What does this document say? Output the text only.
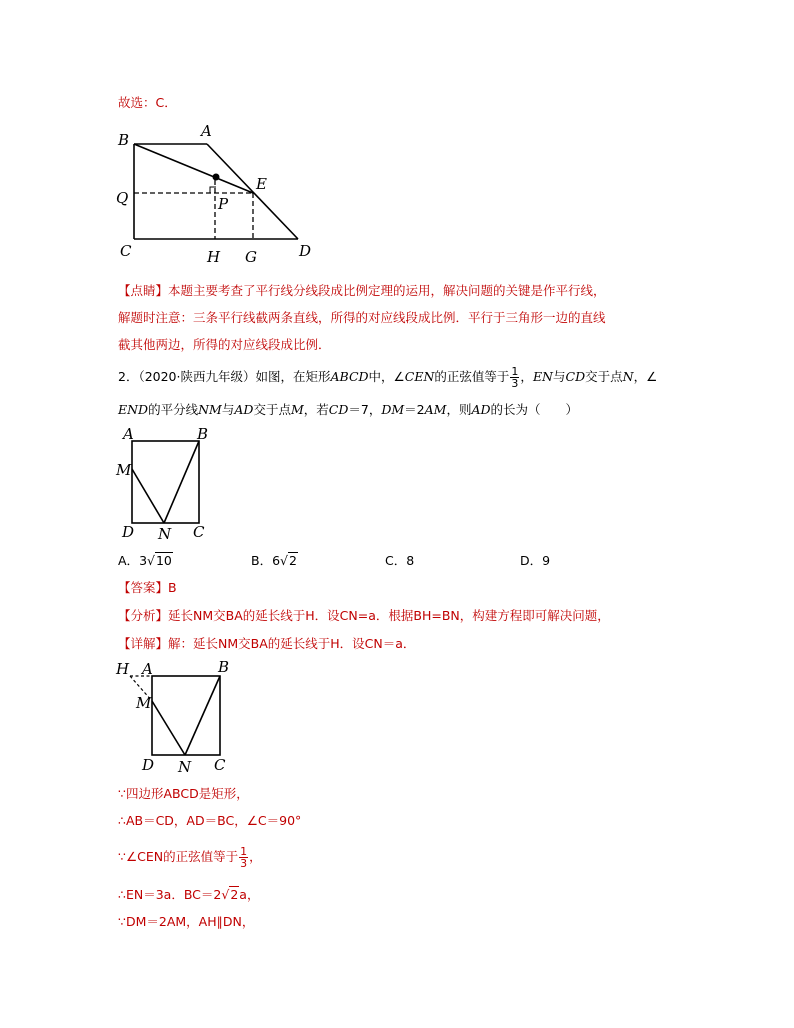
故选：C．
B	A
Q	P
E
C	H G	D
【点睛】本题主要考查了平行线分线段成比例定理的运用，解决问题的关键是作平行线，
解题时注意：三条平行线截两条直线，所得的对应线段成比例．平行于三角形一边的直线
截其他两边，所得的对应线段成比例．
2．（2020·陕西九年级）如图，在矩形ABCD中，∠CEN的正弦值等于 $\frac{1}{3}$ ，EN与CD交于点N，∠
END的平分线NM与AD交于点M，若CD＝7，DM＝2AM，则AD的长为（　　）
A	B
M
D N C
A．3√10	B．6√2	C．8	D．9
【答案】B
【分析】延长NM交BA的延长线于H．设CN=a．根据BH=BN，构建方程即可解决问题，
【详解】解：延长NM交BA的延长线于H．设CN＝a．
H A	B
M
D N C
∵四边形ABCD是矩形，
∴AB＝CD，AD＝BC，∠C＝90°
∵∠CEN的正弦值等于 $\frac{1}{3}$ ，
∴EN＝3a．BC＝2√2a，
∵DM＝2AM，AH∥DN，
